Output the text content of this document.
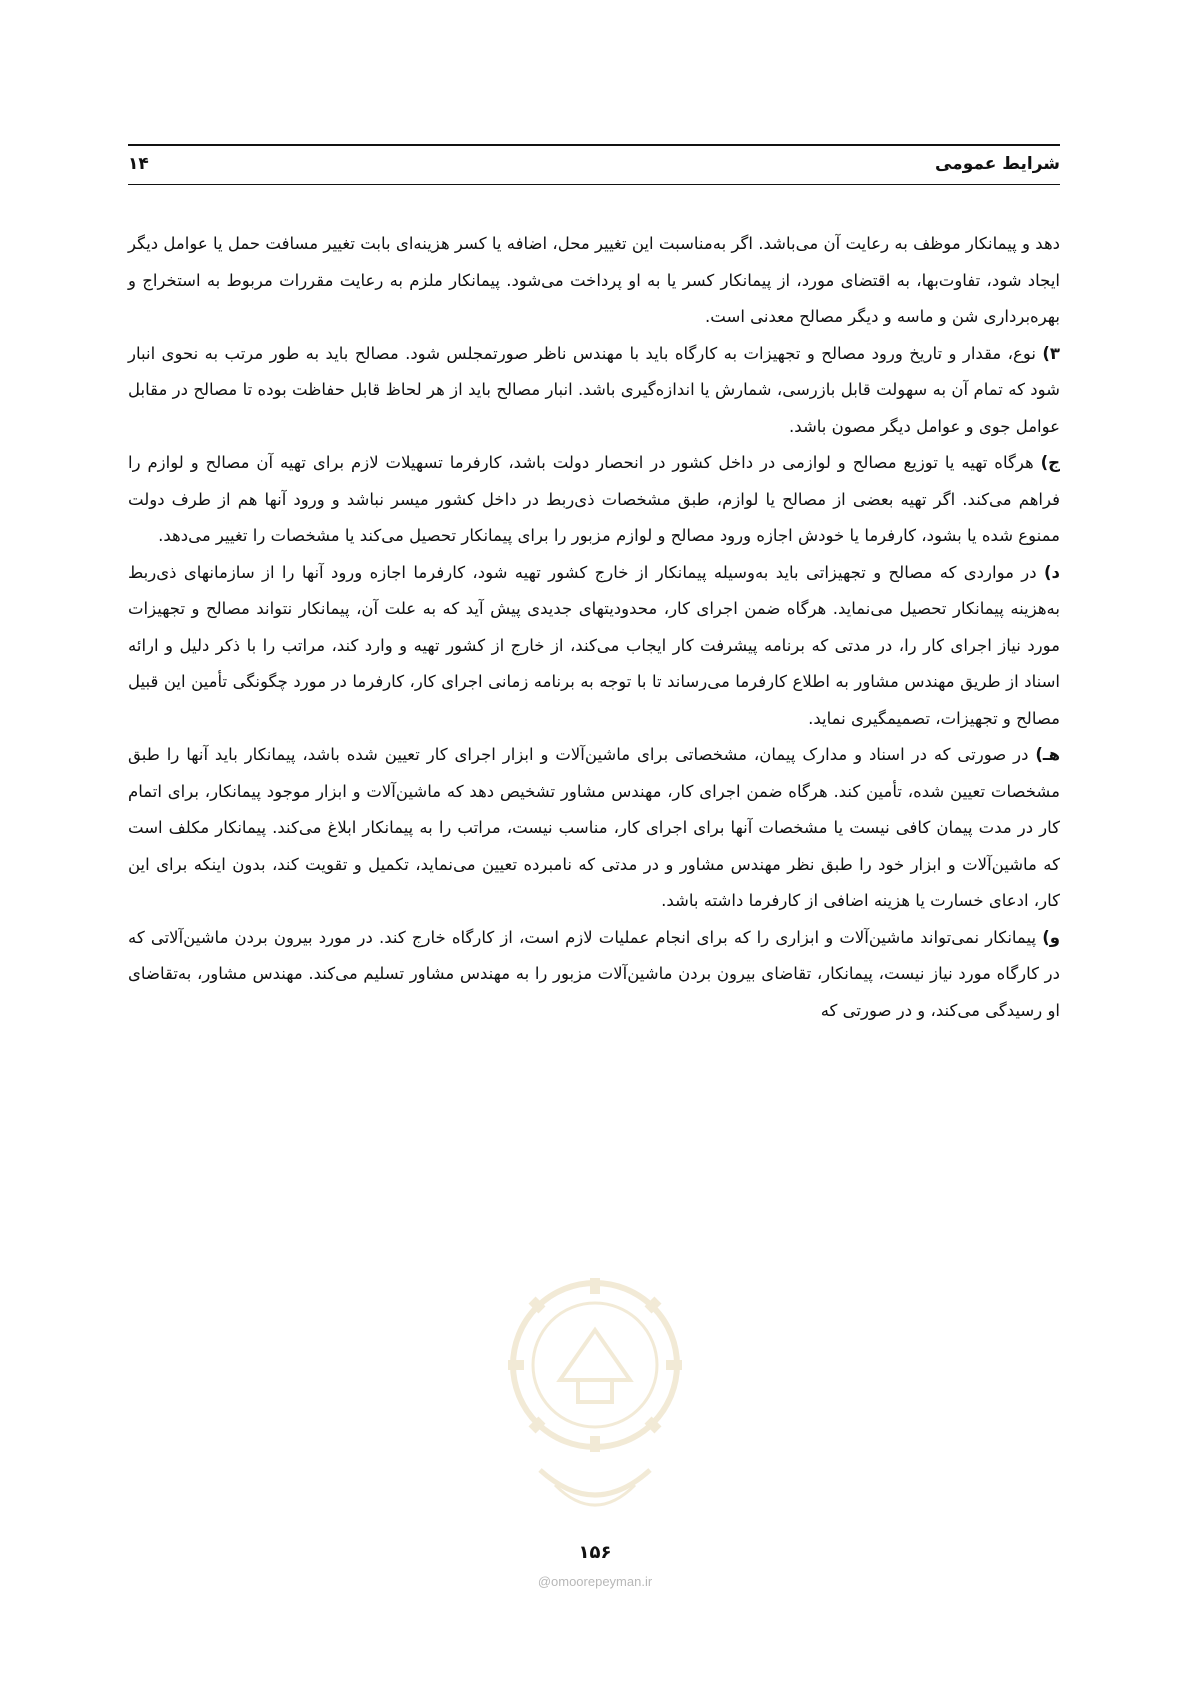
شرایط عمومی
۱۴

دهد و پیمانکار موظف به رعایت آن می‌باشد. اگر به‌مناسبت این تغییر محل، اضافه یا کسر هزینه‌ای بابت تغییر مسافت حمل یا عوامل دیگر ایجاد شود، تفاوت‌بها، به اقتضای مورد، از پیمانکار کسر یا به او پرداخت می‌شود. پیمانکار ملزم به رعایت مقررات مربوط به استخراج و بهره‌برداری شن و ماسه و دیگر مصالح معدنی است.

۳) نوع، مقدار و تاریخ ورود مصالح و تجهیزات به کارگاه باید با مهندس ناظر صورتمجلس شود. مصالح باید به طور مرتب به نحوی انبار شود که تمام آن به سهولت قابل بازرسی، شمارش یا اندازه‌گیری باشد. انبار مصالح باید از هر لحاظ قابل حفاظت بوده تا مصالح در مقابل عوامل جوی و عوامل دیگر مصون باشد.

ج) هرگاه تهیه یا توزیع مصالح و لوازمی در داخل کشور در انحصار دولت باشد، کارفرما تسهیلات لازم برای تهیه آن مصالح و لوازم را فراهم می‌کند. اگر تهیه بعضی از مصالح یا لوازم، طبق مشخصات ذی‌ربط در داخل کشور میسر نباشد و ورود آنها هم از طرف دولت ممنوع شده یا بشود، کارفرما یا خودش اجازه ورود مصالح و لوازم مزبور را برای پیمانکار تحصیل می‌کند یا مشخصات را تغییر می‌دهد.

د) در مواردی که مصالح و تجهیزاتی باید به‌وسیله پیمانکار از خارج کشور تهیه شود، کارفرما اجازه ورود آنها را از سازمانهای ذی‌ربط به‌هزینه پیمانکار تحصیل می‌نماید. هرگاه ضمن اجرای کار، محدودیتهای جدیدی پیش آید که به علت آن، پیمانکار نتواند مصالح و تجهیزات مورد نیاز اجرای کار را، در مدتی که برنامه پیشرفت کار ایجاب می‌کند، از خارج از کشور تهیه و وارد کند، مراتب را با ذکر دلیل و ارائه اسناد از طریق مهندس مشاور به اطلاع کارفرما می‌رساند تا با توجه به برنامه زمانی اجرای کار، کارفرما در مورد چگونگی تأمین این قبیل مصالح و تجهیزات، تصمیمگیری نماید.

هـ) در صورتی که در اسناد و مدارک پیمان، مشخصاتی برای ماشین‌آلات و ابزار اجرای کار تعیین شده باشد، پیمانکار باید آنها را طبق مشخصات تعیین شده، تأمین کند. هرگاه ضمن اجرای کار، مهندس مشاور تشخیص دهد که ماشین‌آلات و ابزار موجود پیمانکار، برای اتمام کار در مدت پیمان کافی نیست یا مشخصات آنها برای اجرای کار، مناسب نیست، مراتب را به پیمانکار ابلاغ می‌کند. پیمانکار مکلف است که ماشین‌آلات و ابزار خود را طبق نظر مهندس مشاور و در مدتی که نامبرده تعیین می‌نماید، تکمیل و تقویت کند، بدون اینکه برای این کار، ادعای خسارت یا هزینه اضافی از کارفرما داشته باشد.

و) پیمانکار نمی‌تواند ماشین‌آلات و ابزاری را که برای انجام عملیات لازم است، از کارگاه خارج کند. در مورد بیرون بردن ماشین‌آلاتی که در کارگاه مورد نیاز نیست، پیمانکار، تقاضای بیرون بردن ماشین‌آلات مزبور را به مهندس مشاور تسلیم می‌کند. مهندس مشاور، به‌تقاضای او رسیدگی می‌کند، و در صورتی که

۱۵۶
@omoorepeyman.ir
